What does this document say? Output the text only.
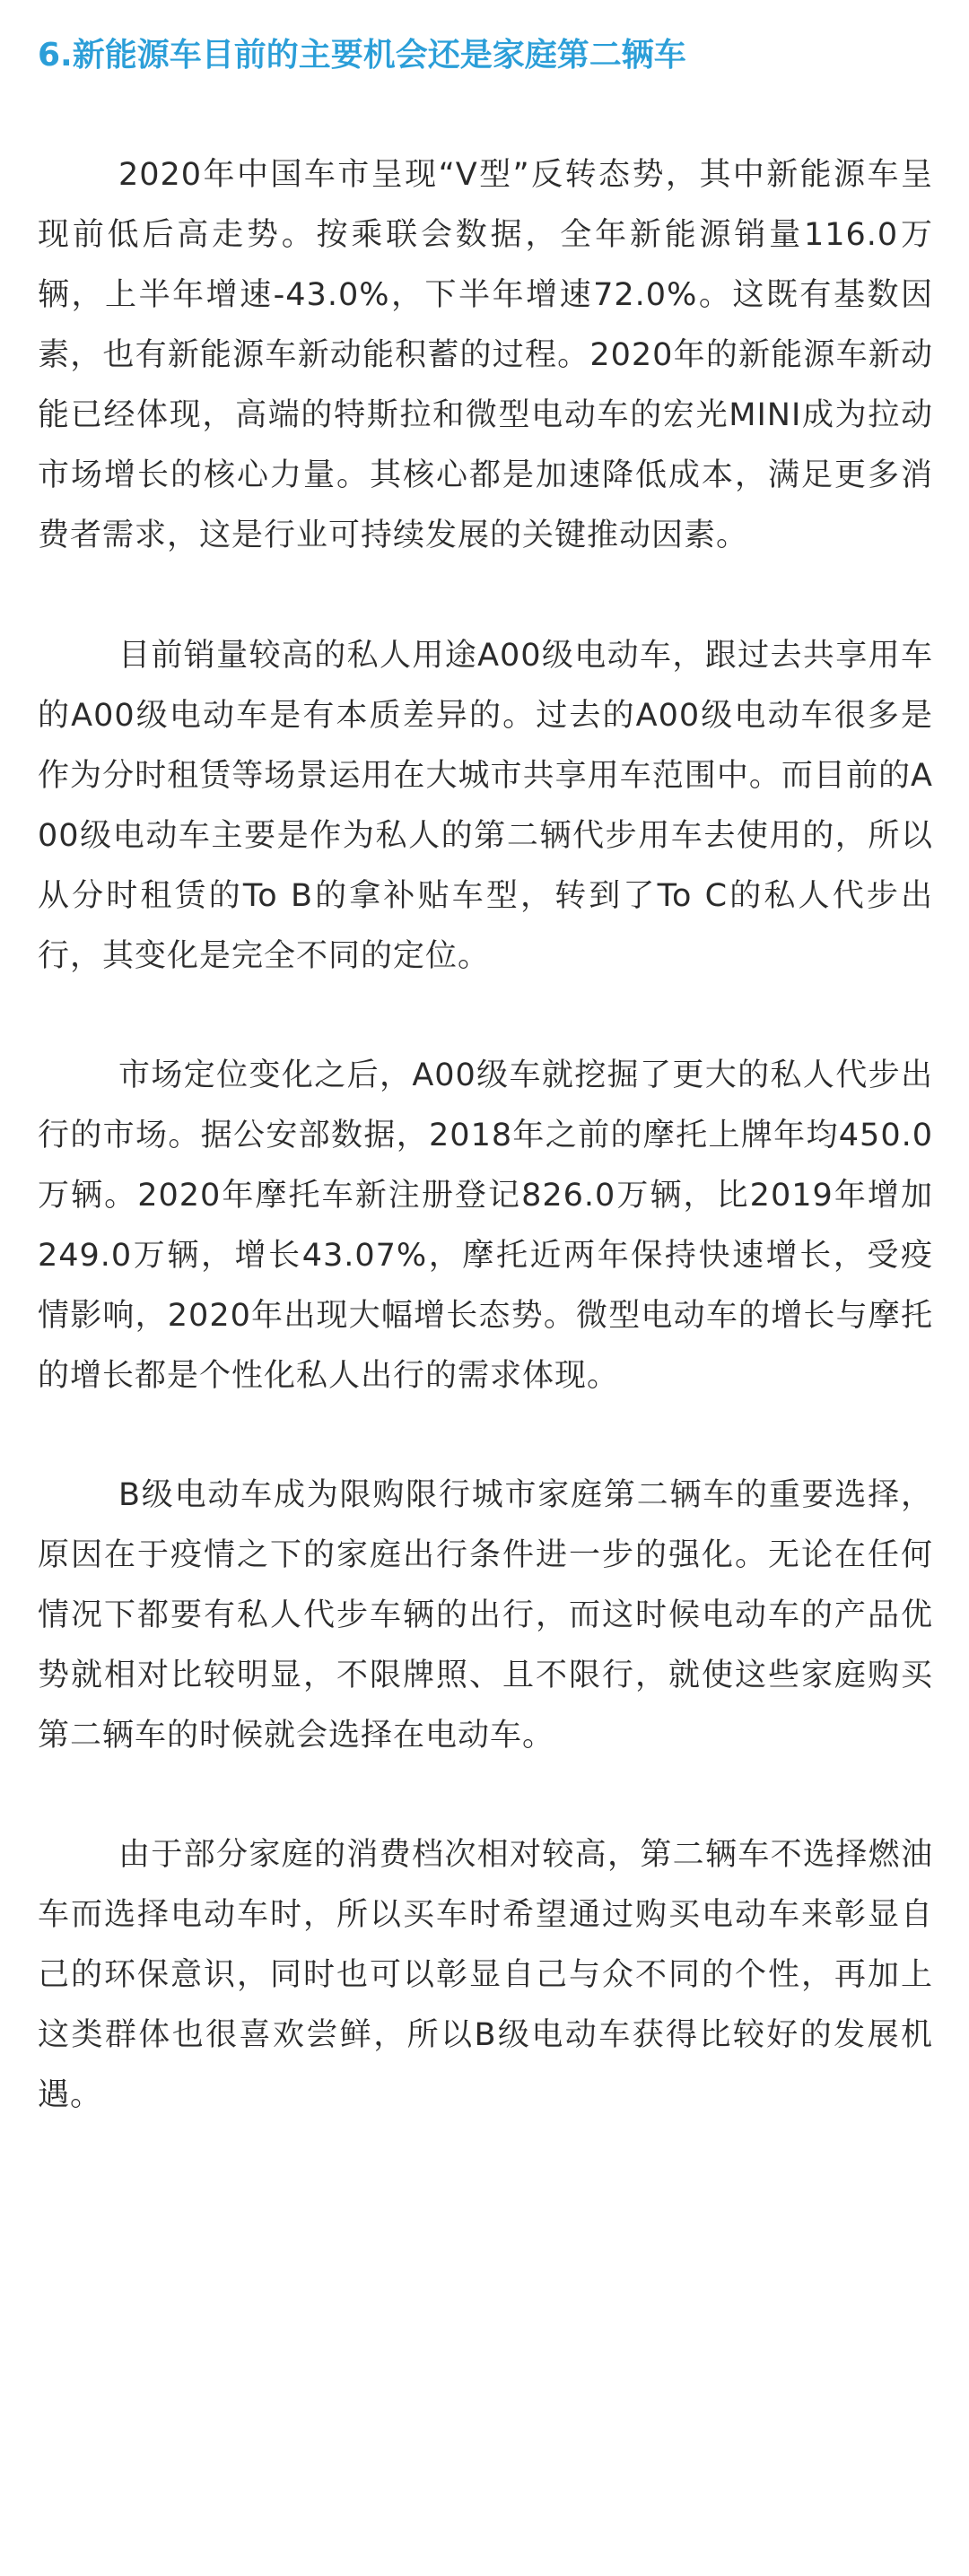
6.新能源车目前的主要机会还是家庭第二辆车

2020年中国车市呈现“V型”反转态势，其中新能源车呈现前低后高走势。按乘联会数据，全年新能源销量116.0万辆，上半年增速-43.0%，下半年增速72.0%。这既有基数因素，也有新能源车新动能积蓄的过程。2020年的新能源车新动能已经体现，高端的特斯拉和微型电动车的宏光MINI成为拉动市场增长的核心力量。其核心都是加速降低成本，满足更多消费者需求，这是行业可持续发展的关键推动因素。

目前销量较高的私人用途A00级电动车，跟过去共享用车的A00级电动车是有本质差异的。过去的A00级电动车很多是作为分时租赁等场景运用在大城市共享用车范围中。而目前的A00级电动车主要是作为私人的第二辆代步用车去使用的，所以从分时租赁的To B的拿补贴车型，转到了To C的私人代步出行，其变化是完全不同的定位。

市场定位变化之后，A00级车就挖掘了更大的私人代步出行的市场。据公安部数据，2018年之前的摩托上牌年均450.0万辆。2020年摩托车新注册登记826.0万辆，比2019年增加249.0万辆，增长43.07%，摩托近两年保持快速增长，受疫情影响，2020年出现大幅增长态势。微型电动车的增长与摩托的增长都是个性化私人出行的需求体现。

B级电动车成为限购限行城市家庭第二辆车的重要选择，原因在于疫情之下的家庭出行条件进一步的强化。无论在任何情况下都要有私人代步车辆的出行，而这时候电动车的产品优势就相对比较明显，不限牌照、且不限行，就使这些家庭购买第二辆车的时候就会选择在电动车。

由于部分家庭的消费档次相对较高，第二辆车不选择燃油车而选择电动车时，所以买车时希望通过购买电动车来彰显自己的环保意识，同时也可以彰显自己与众不同的个性，再加上这类群体也很喜欢尝鲜，所以B级电动车获得比较好的发展机遇。
